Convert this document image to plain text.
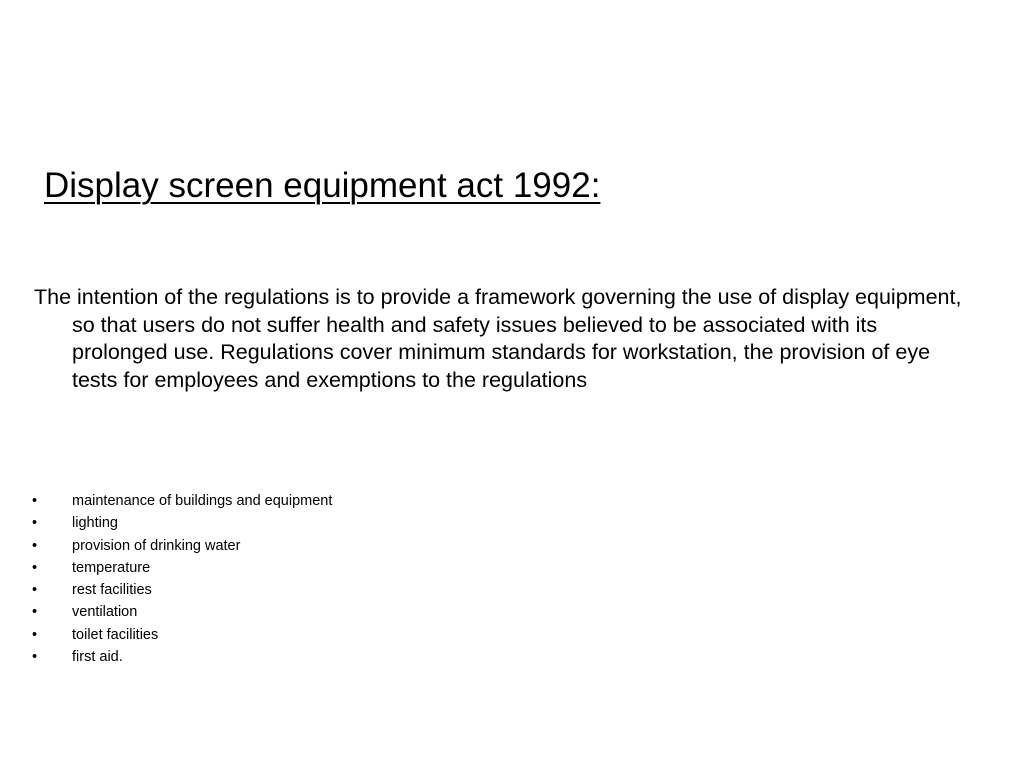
Display screen equipment act 1992:

The intention of the regulations is to provide a framework governing the use of display equipment, so that users do not suffer health and safety issues believed to be associated with its prolonged use. Regulations cover minimum standards for workstation, the provision of eye tests for employees and exemptions to the regulations

•	maintenance of buildings and equipment
•	lighting
•	provision of drinking water
•	temperature
•	rest facilities
•	ventilation
•	toilet facilities
•	first aid.
